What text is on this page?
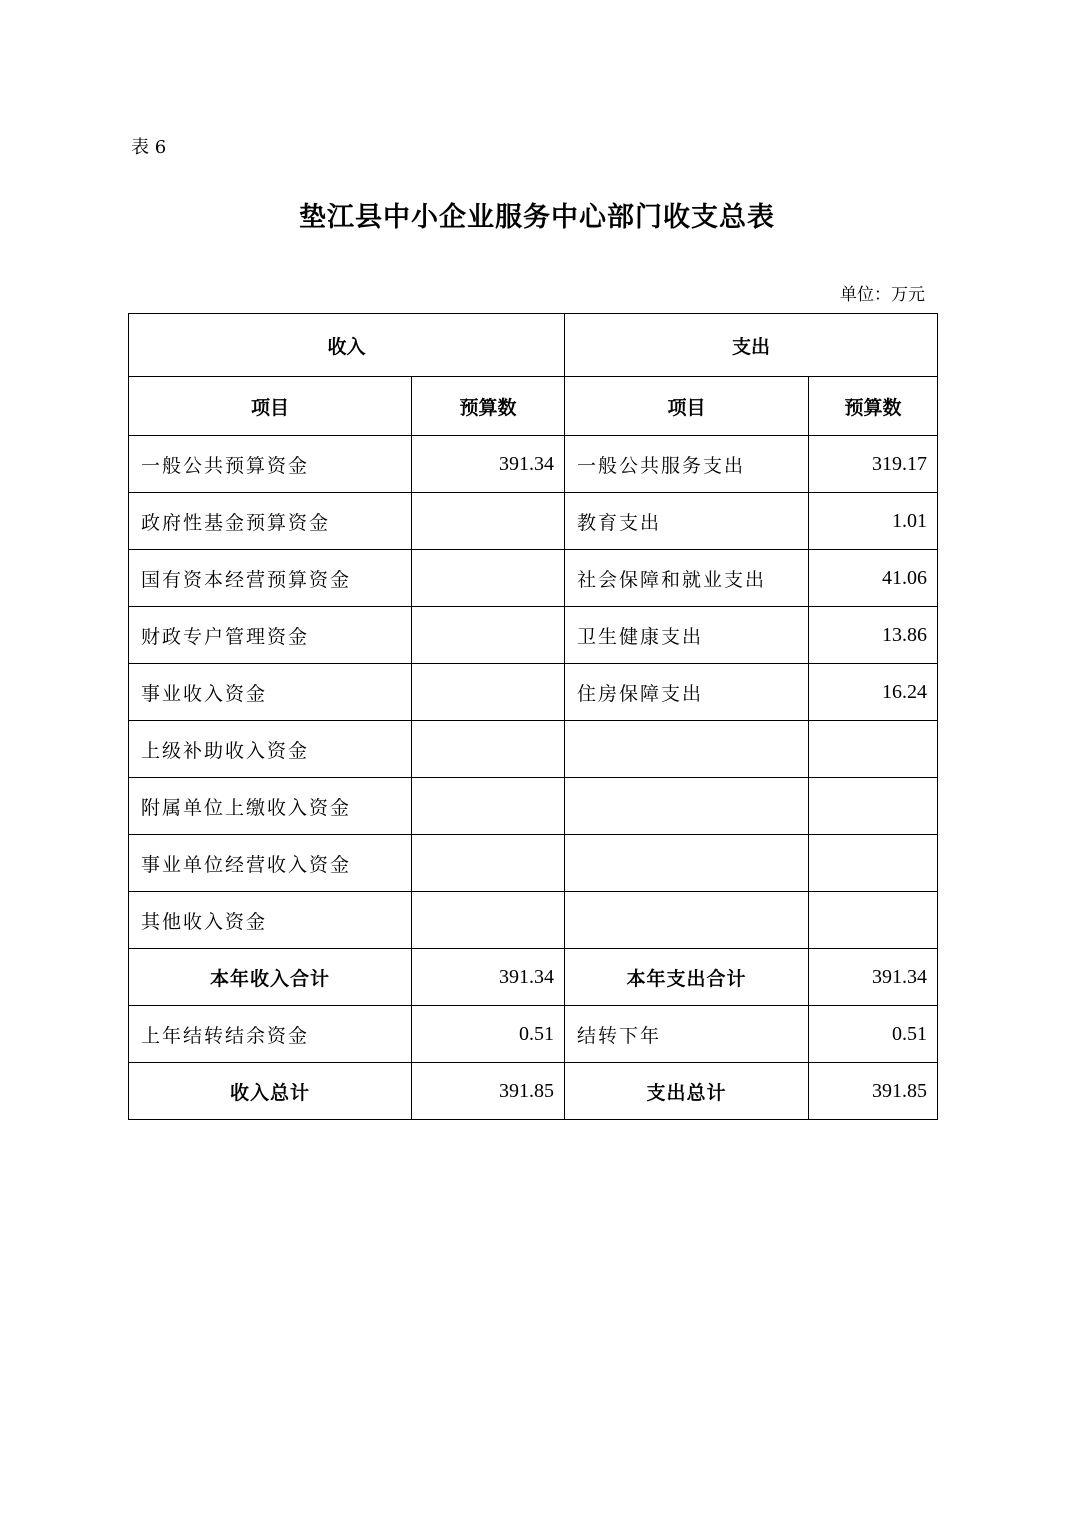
表 6
垫江县中小企业服务中心部门收支总表
单位：万元
收入		支出	
项目	预算数	项目	预算数
一般公共预算资金	391.34	一般公共服务支出	319.17
政府性基金预算资金		教育支出	1.01
国有资本经营预算资金		社会保障和就业支出	41.06
财政专户管理资金		卫生健康支出	13.86
事业收入资金		住房保障支出	16.24
上级补助收入资金			
附属单位上缴收入资金			
事业单位经营收入资金			
其他收入资金			
本年收入合计	391.34	本年支出合计	391.34
上年结转结余资金	0.51	结转下年	0.51
收入总计	391.85	支出总计	391.85
